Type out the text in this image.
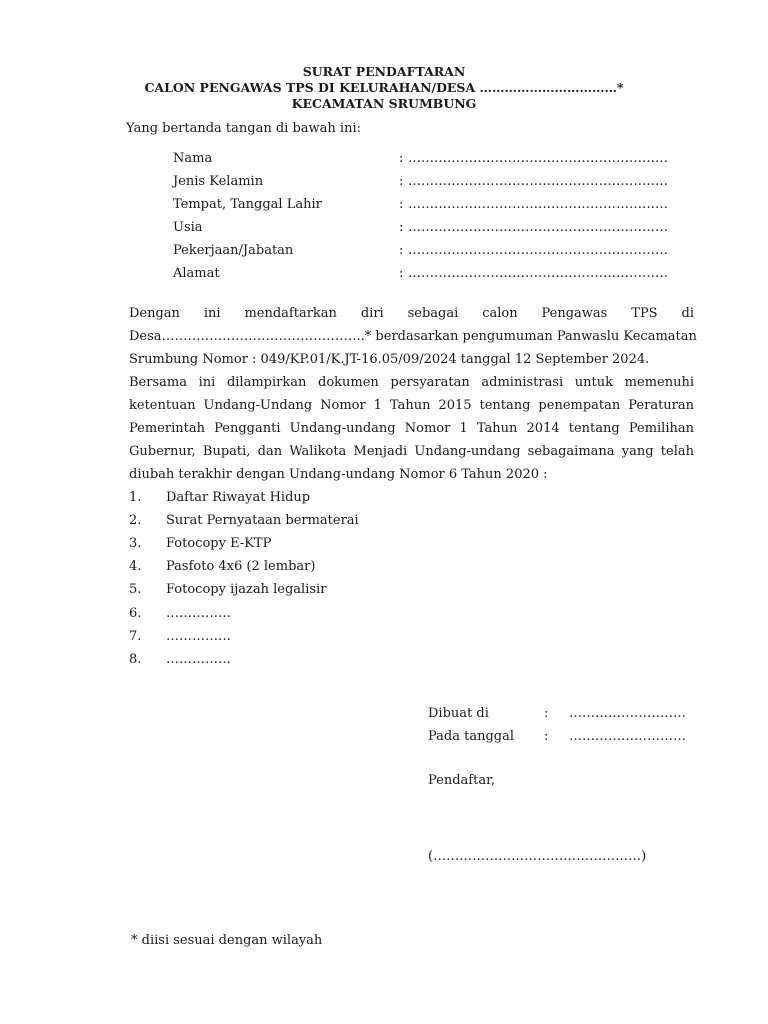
SURAT PENDAFTARAN
CALON PENGAWAS TPS DI KELURAHAN/DESA ……………………………*
KECAMATAN SRUMBUNG
Yang bertanda tangan di bawah ini:
Nama	: ……………………………………………………
Jenis Kelamin	: ……………………………………………………
Tempat, Tanggal Lahir	: ……………………………………………………
Usia	: ……………………………………………………
Pekerjaan/Jabatan	: ……………………………………………………
Alamat	: ……………………………………………………
Dengan ini mendaftarkan diri sebagai calon Pengawas TPS di
Desa………………………………………..* berdasarkan pengumuman Panwaslu Kecamatan
Srumbung Nomor : 049/KP.01/K.JT-16.05/09/2024 tanggal 12 September 2024.
Bersama ini dilampirkan dokumen persyaratan administrasi untuk memenuhi
ketentuan Undang-Undang Nomor 1 Tahun 2015 tentang penempatan Peraturan
Pemerintah Pengganti Undang-undang Nomor 1 Tahun 2014 tentang Pemilihan
Gubernur, Bupati, dan Walikota Menjadi Undang-undang sebagaimana yang telah
diubah terakhir dengan Undang-undang Nomor 6 Tahun 2020 :
1. Daftar Riwayat Hidup
2. Surat Pernyataan bermaterai
3. Fotocopy E-KTP
4. Pasfoto 4x6 (2 lembar)
5. Fotocopy ijazah legalisir
6. ……………
7. ……………
8. ……………
Dibuat di	: ………………………
Pada tanggal : ………………………
Pendaftar,
(…………………………………………)
* diisi sesuai dengan wilayah
